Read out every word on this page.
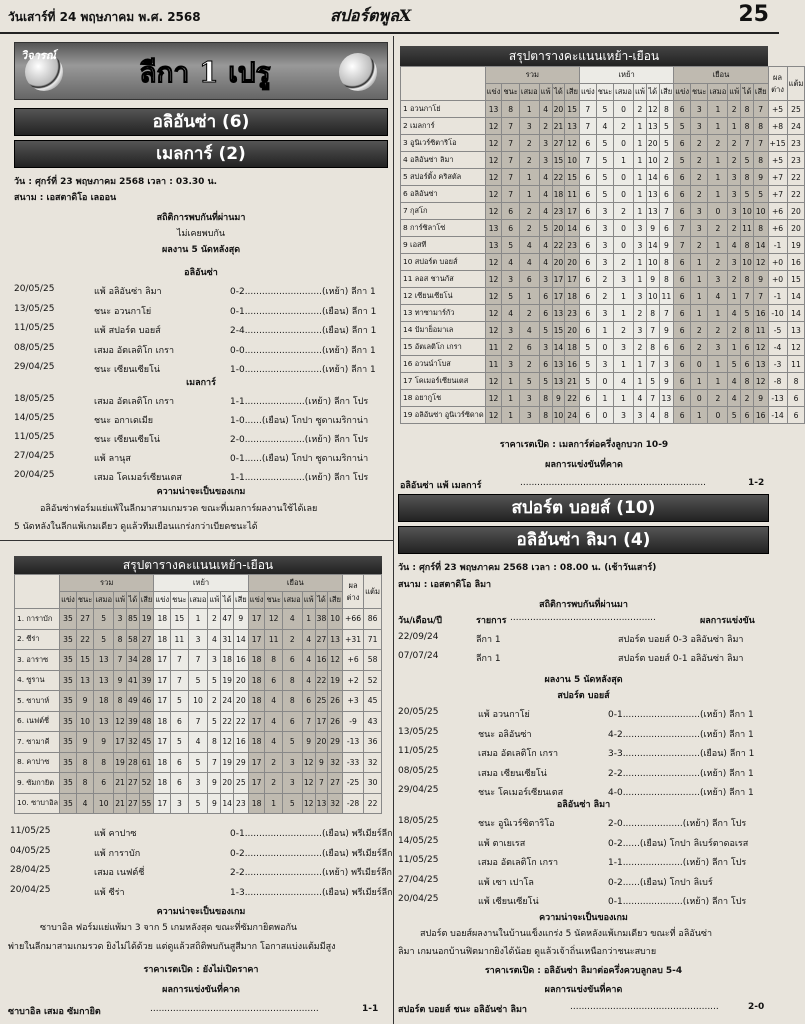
วันเสาร์ที่ 24 พฤษภาคม พ.ศ. 2568	สปอร์ตพูลX	25
วิจารณ์
ลีกา 1 เปรู
อลิอันซ่า (6)
เมลการ์ (2)
วัน : ศุกร์ที่ 23 พฤษภาคม 2568 เวลา : 03.30 น.
สนาม : เอสตาดิโอ เลออน
สถิติการพบกันที่ผ่านมา
ไม่เคยพบกัน
ผลงาน 5 นัดหลังสุด
อลิอันซ่า
20/05/25	แพ้ อลิอันซ่า ลิมา	0-2...........................(เหย้า) ลีกา 1
13/05/25	ชนะ อวนกาโย่	0-1...........................(เยือน) ลีกา 1
11/05/25	แพ้ สปอร์ต บอยส์	2-4...........................(เยือน) ลีกา 1
08/05/25	เสมอ อัตเลติโก เกรา	0-0...........................(เหย้า) ลีกา 1
29/04/25	ชนะ เซียนเซียโน่	1-0...........................(เหย้า) ลีกา 1
เมลการ์
18/05/25	เสมอ อัตเลติโก เกรา	1-1.....................(เหย้า) ลีกา โปร
14/05/25	ชนะ อกาเดเมีย	1-0......(เยือน) โกปา ซูดาเมริกาน่า
11/05/25	ชนะ เซียนเซียโน่	2-0.....................(เหย้า) ลีกา โปร
27/04/25	แพ้ ลานุส	0-1......(เยือน) โกปา ซูดาเมริกาน่า
20/04/25	เสมอ โคเมอร์เซียนเตส	1-1.....................(เหย้า) ลีกา โปร
ความน่าจะเป็นของเกม
อลิอันซ่าฟอร์มแย่แพ้ในลีกมาสามเกมรวด ขณะที่เมลการ์ผลงานใช้ได้เลย
5 นัดหลังในลีกแพ้เกมเดียว ดูแล้วทีมเยือนแกร่งกว่าเบียดชนะได้
สรุปตารางคะแนนเหย้า-เยือน
	รวม						เหย้า						เยือน						ผลต่าง	แต้ม
	แข่ง	ชนะ	เสมอ	แพ้	ได้	เสีย	แข่ง	ชนะ	เสมอ	แพ้	ได้	เสีย	แข่ง	ชนะ	เสมอ	แพ้	ได้	เสีย		
1. การาบัก	35	27	5	3	85	19	18	15	1	2	47	9	17	12	4	1	38	10	+66	86
2. ซีร่า	35	22	5	8	58	27	18	11	3	4	31	14	17	11	2	4	27	13	+31	71
3. อาราซ	35	15	13	7	34	28	17	7	7	3	18	16	18	8	6	4	16	12	+6	58
4. ซูราน	35	13	13	9	41	39	17	7	5	5	19	20	18	6	8	4	22	19	+2	52
5. ซาบาห์	35	9	18	8	49	46	17	5	10	2	24	20	18	4	8	6	25	26	+3	45
6. เนฟต์ชี่	35	10	13	12	39	48	18	6	7	5	22	22	17	4	6	7	17	26	-9	43
7. ซามาคี	35	9	9	17	32	45	17	5	4	8	12	16	18	4	5	9	20	29	-13	36
8. คาปาซ	35	8	8	19	28	61	18	6	5	7	19	29	17	2	3	12	9	32	-33	32
9. ซัมกายิต	35	8	6	21	27	52	18	6	3	9	20	25	17	2	3	12	7	27	-25	30
10. ซาบาอิล	35	4	10	21	27	55	17	3	5	9	14	23	18	1	5	12	13	32	-28	22
11/05/25	แพ้ คาปาซ	0-1...........................(เยือน) พรีเมียร์ลีก
04/05/25	แพ้ การาบัก	0-2...........................(เยือน) พรีเมียร์ลีก
28/04/25	เสมอ เนฟต์ชี่	2-2...........................(เหย้า) พรีเมียร์ลีก
20/04/25	แพ้ ซีร่า	1-3...........................(เยือน) พรีเมียร์ลีก
ความน่าจะเป็นของเกม
ซาบาอิล ฟอร์มแย่แพ้มา 3 จาก 5 เกมหลังสุด ขณะที่ซัมกายิตพอกัน
พ่ายในลีกมาสามเกมรวด ยิงไม่ได้ด้วย แต่ดูแล้วสถิติพบกันสูสีมาก โอกาสแบ่งแต้มมีสูง
ราคาเรตเปิด : ยังไม่เปิดราคา
ผลการแข่งขันที่คาด
ซาบาอิล เสมอ ซัมกายิต	...........................................................	1-1
สรุปตารางคะแนนเหย้า-เยือน
	รวม						เหย้า						เยือน						ผลต่าง	แต้ม
	แข่ง	ชนะ	เสมอ	แพ้	ได้	เสีย	แข่ง	ชนะ	เสมอ	แพ้	ได้	เสีย	แข่ง	ชนะ	เสมอ	แพ้	ได้	เสีย		
1 อวนกาโย่	13	8	1	4	20	15	7	5	0	2	12	8	6	3	1	2	8	7	+5	25
2 เมลการ์	12	7	3	2	21	13	7	4	2	1	13	5	5	3	1	1	8	8	+8	24
3 อูนิเวร์ซิตาริโอ	12	7	2	3	27	12	6	5	0	1	20	5	6	2	2	2	7	7	+15	23
4 อลิอันซ่า ลิมา	12	7	2	3	15	10	7	5	1	1	10	2	5	2	1	2	5	8	+5	23
5 สปอร์ติ้ง คริสตัล	12	7	1	4	22	15	6	5	0	1	14	6	6	2	1	3	8	9	+7	22
6 อลิอันซ่า	12	7	1	4	18	11	6	5	0	1	13	6	6	2	1	3	5	5	+7	22
7 กุสโก	12	6	2	4	23	17	6	3	2	1	13	7	6	3	0	3	10	10	+6	20
8 การ์ซิลาโซ่	13	6	2	5	20	14	6	3	0	3	9	6	7	3	2	2	11	8	+6	20
9 เอสที	13	5	4	4	22	23	6	3	0	3	14	9	7	2	1	4	8	14	-1	19
10 สปอร์ต บอยส์	12	4	4	4	20	20	6	3	2	1	10	8	6	1	2	3	10	12	+0	16
11 ลอส ชานกัส	12	3	6	3	17	17	6	2	3	1	9	8	6	1	3	2	8	9	+0	15
12 เซียนเซียโน่	12	5	1	6	17	18	6	2	1	3	10	11	6	1	4	1	7	7	-1	14
13 ทาซามาร์กัว	12	4	2	6	13	23	6	3	1	2	8	7	6	1	1	4	5	16	-10	14
14 ปัมาย็อมาเล	12	3	4	5	15	20	6	1	2	3	7	9	6	2	2	2	8	11	-5	13
15 อัตเลติโก เกรา	11	2	6	3	14	18	5	0	3	2	8	6	6	2	3	1	6	12	-4	12
16 อวนน์าโบส	11	3	2	6	13	16	5	3	1	1	7	3	6	0	1	5	6	13	-3	11
17 โคเมอร์เซียนเตส	12	1	5	5	13	21	5	0	4	1	5	9	6	1	1	4	8	12	-8	8
18 อยากูโช	12	1	3	8	9	22	6	1	1	4	7	13	6	0	2	4	2	9	-13	6
19 อลิอันซ่า อูนิเวร์ซิดาด	12	1	3	8	10	24	6	0	3	3	4	8	6	1	0	5	6	16	-14	6
ราคาเรตเปิด : เมลการ์ต่อครึ่งลูกบวก 10-9
ผลการแข่งขันที่คาด
อลิอันซ่า แพ้ เมลการ์	.................................................................	1-2
สปอร์ต บอยส์ (10)
อลิอันซ่า ลิมา (4)
วัน : ศุกร์ที่ 23 พฤษภาคม 2568 เวลา : 08.00 น. (เช้าวันเสาร์)
สนาม : เอสตาดิโอ ลิมา
สถิติการพบกันที่ผ่านมา
วัน/เดือน/ปี	รายการ ...................................................	ผลการแข่งขัน
22/09/24	ลีกา 1	สปอร์ต บอยส์ 0-3 อลิอันซ่า ลิมา
07/07/24	ลีกา 1	สปอร์ต บอยส์ 0-1 อลิอันซ่า ลิมา
ผลงาน 5 นัดหลังสุด
สปอร์ต บอยส์
20/05/25	แพ้ อวนกาโย่	0-1...........................(เหย้า) ลีกา 1
13/05/25	ชนะ อลิอันซ่า	4-2...........................(เหย้า) ลีกา 1
11/05/25	เสมอ อัตเลติโก เกรา	3-3...........................(เยือน) ลีกา 1
08/05/25	เสมอ เซียนเซียโน่	2-2...........................(เหย้า) ลีกา 1
29/04/25	ชนะ โคเมอร์เซียนเตส	4-0...........................(เหย้า) ลีกา 1
อลิอันซ่า ลิมา
18/05/25	ชนะ อูนิเวร์ซิตาริโอ	2-0.....................(เหย้า) ลีกา โปร
14/05/25	แพ้ ตาเยเรส	0-2......(เยือน) โกปา ลิเบร์ตาดอเรส
11/05/25	เสมอ อัตเลติโก เกรา	1-1.....................(เหย้า) ลีกา โปร
27/04/25	แพ้ เซา เปาโล	0-2......(เยือน) โกปา ลิเบร์
20/04/25	แพ้ เซียนเซียโน่	0-1.....................(เหย้า) ลีกา โปร
ความน่าจะเป็นของเกม
สปอร์ต บอยส์ผลงานในบ้านแข็งแกร่ง 5 นัดหลังแพ้เกมเดียว ขณะที่ อลิอันซ่า
ลิมา เกมนอกบ้านฟิตมากยิงได้น้อย ดูแล้วเจ้าถิ่นเหนือกว่าชนะสบาย
ราคาเรตเปิด : อลิอันซ่า ลิมาต่อครึ่งควบลูกลบ 5-4
ผลการแข่งขันที่คาด
สปอร์ต บอยส์ ชนะ อลิอันซ่า ลิมา	....................................................	2-0
